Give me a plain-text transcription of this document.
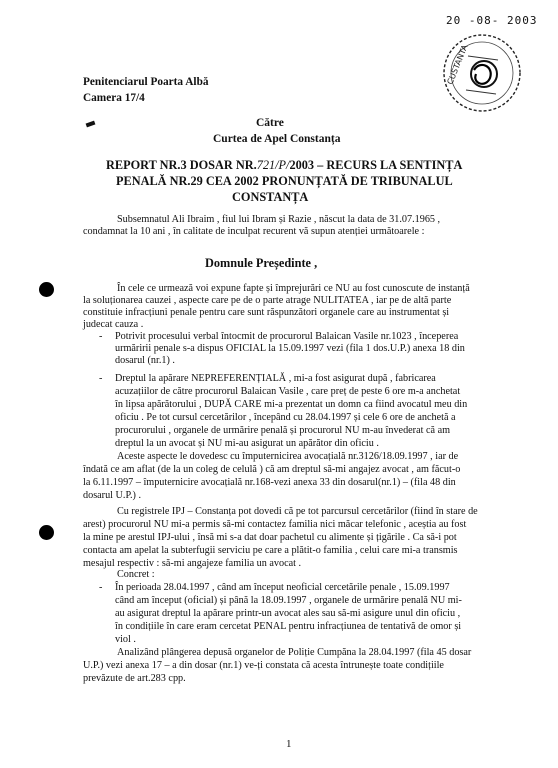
20 -08- 2003
CUSTANTA
Penitenciarul Poarta Albă
Camera 17/4
Către
Curtea de Apel Constanța
REPORT NR.3 DOSAR NR.721/P/2003 – RECURS LA SENTINȚA
PENALĂ NR.29 CEA 2002 PRONUNȚATĂ DE TRIBUNALUL
CONSTANȚA
Subsemnatul Ali Ibraim , fiul lui Ibram și Razie , născut la data de 31.07.1965 ,
condamnat la 10 ani , în calitate de inculpat recurent vă supun atenției următoarele :
Domnule Președinte ,
În cele ce urmează voi expune fapte și împrejurări ce NU au fost cunoscute de instanță
la soluționarea cauzei , aspecte care pe de o parte atrage NULITATEA , iar pe de altă parte
constituie infracțiuni penale pentru care sunt răspunzători organele care au instrumentat și
judecat cauza .
- Potrivit procesului verbal întocmit de procurorul Balaican Vasile nr.1023 , începerea
urmăririi penale s-a dispus OFICIAL la 15.09.1997 vezi (fila 1 dos.U.P.) anexa 18 din
dosarul (nr.1) .
- Dreptul la apărare NEPREFERENȚIALĂ , mi-a fost asigurat după , fabricarea
acuzațiilor de către procurorul Balaican Vasile , care preț de peste 6 ore m-a anchetat
în lipsa apărătorului , DUPĂ CARE mi-a prezentat un domn ca fiind avocatul meu din
oficiu . Pe tot cursul cercetărilor , începând cu 28.04.1997 și cele 6 ore de anchetă a
procurorului , organele de urmărire penală și procurorul NU m-au învederat că am
dreptul la un avocat și NU mi-au asigurat un apărător din oficiu .
Aceste aspecte le dovedesc cu împuternicirea avocațială nr.3126/18.09.1997 , iar de
îndată ce am aflat (de la un coleg de celulă ) că am dreptul să-mi angajez avocat , am făcut-o
la 6.11.1997 – împuternicire avocațială nr.168-vezi anexa 33 din dosarul(nr.1) – (fila 48 din
dosarul U.P.) .
Cu registrele IPJ – Constanța pot dovedi că pe tot parcursul cercetărilor (fiind în stare de
arest) procurorul NU mi-a permis să-mi contactez familia nici măcar telefonic , aceștia au fost
la mine pe arestul IPJ-ului , însă mi s-a dat doar pachetul cu alimente și țigările . Ca să-i pot
contacta am apelat la subterfugii serviciu pe care a plătit-o familia , celui care mi-a transmis
mesajul respectiv : să-mi angajeze familia un avocat .
Concret :
- În perioada 28.04.1997 , când am început neoficial cercetările penale , 15.09.1997
când am început (oficial) și până la 18.09.1997 , organele de urmărire penală NU mi-
au asigurat dreptul la apărare printr-un avocat ales sau să-mi asigure unul din oficiu ,
în condițiile în care eram cercetat PENAL pentru infracțiunea de tentativă de omor și
viol .
Analizând plângerea depusă organelor de Poliție Cumpăna la 28.04.1997 (fila 45 dosar
U.P.) vezi anexa 17 – a din dosar (nr.1) ve-ți constata că acesta întrunește toate condițiile
prevăzute de art.283 cpp.
1
